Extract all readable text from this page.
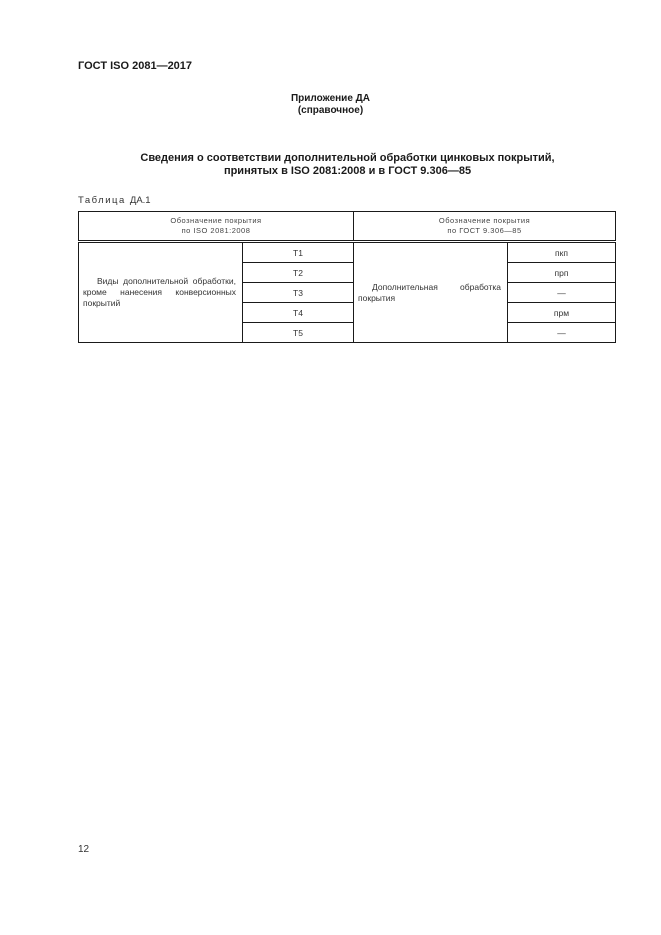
ГОСТ ISO 2081—2017
Приложение ДА
(справочное)
Сведения о соответствии дополнительной обработки цинковых покрытий,
принятых в ISO 2081:2008 и в ГОСТ 9.306—85
Таблица ДА.1
Обозначение покрытия
по ISO 2081:2008

Обозначение покрытия
по ГОСТ 9.306—85

Виды дополнительной обработки, кроме нанесения конверсионных покрытий	T1	Дополнительная обработка покрытия	пкп
	T2		прп
	T3		—
	T4		прм
	T5		—
12
